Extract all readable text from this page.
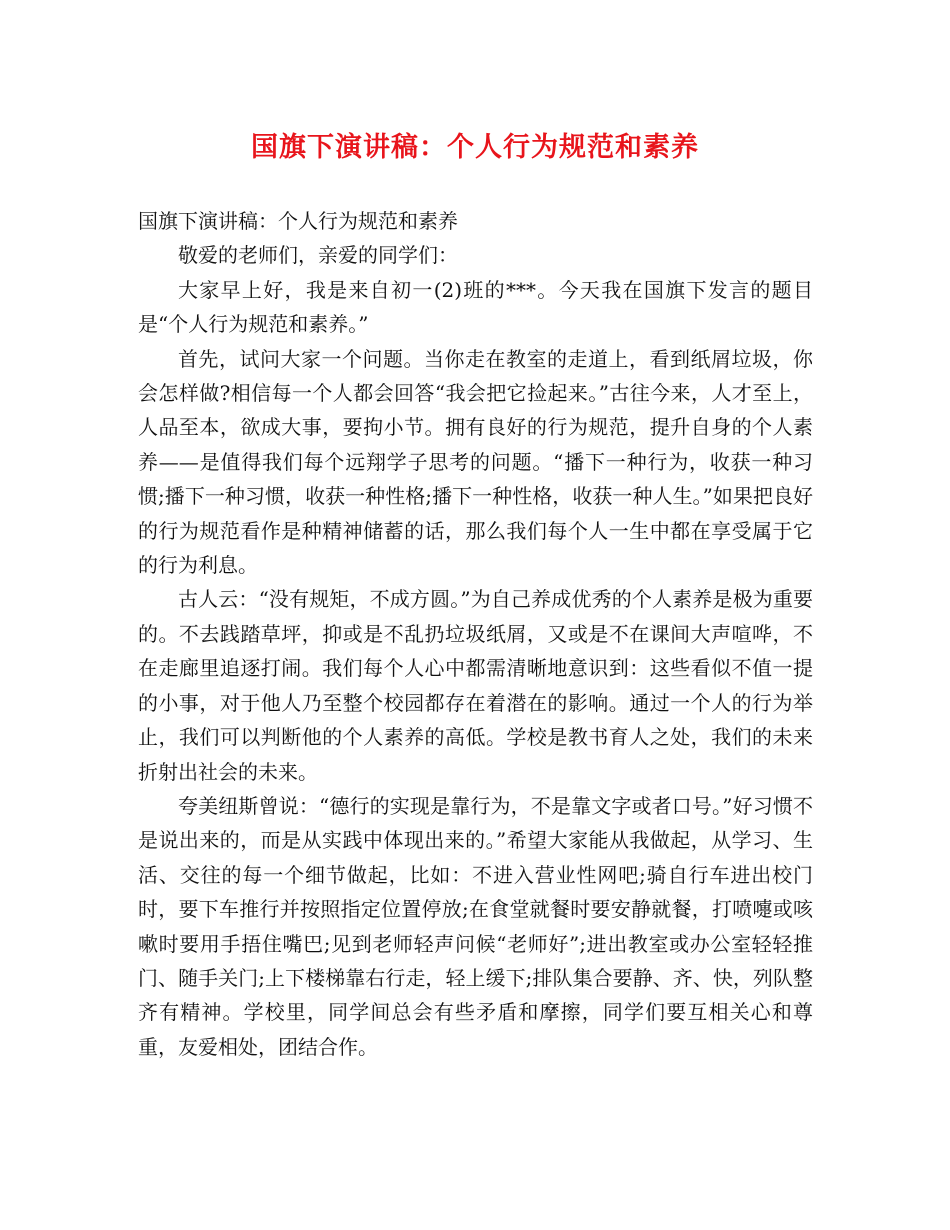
国旗下演讲稿：个人行为规范和素养

国旗下演讲稿：个人行为规范和素养

敬爱的老师们，亲爱的同学们：

大家早上好，我是来自初一(2)班的***。今天我在国旗下发言的题目是“个人行为规范和素养。”

首先，试问大家一个问题。当你走在教室的走道上，看到纸屑垃圾，你会怎样做?相信每一个人都会回答“我会把它捡起来。”古往今来，人才至上，人品至本，欲成大事，要拘小节。拥有良好的行为规范，提升自身的个人素养——是值得我们每个远翔学子思考的问题。“播下一种行为，收获一种习惯;播下一种习惯，收获一种性格;播下一种性格，收获一种人生。”如果把良好的行为规范看作是种精神储蓄的话，那么我们每个人一生中都在享受属于它的行为利息。

古人云：“没有规矩，不成方圆。”为自己养成优秀的个人素养是极为重要的。不去践踏草坪，抑或是不乱扔垃圾纸屑，又或是不在课间大声喧哗，不在走廊里追逐打闹。我们每个人心中都需清晰地意识到：这些看似不值一提的小事，对于他人乃至整个校园都存在着潜在的影响。通过一个人的行为举止，我们可以判断他的个人素养的高低。学校是教书育人之处，我们的未来折射出社会的未来。

夸美纽斯曾说：“德行的实现是靠行为，不是靠文字或者口号。”好习惯不是说出来的，而是从实践中体现出来的。”希望大家能从我做起，从学习、生活、交往的每一个细节做起，比如：不进入营业性网吧;骑自行车进出校门时，要下车推行并按照指定位置停放;在食堂就餐时要安静就餐，打喷嚏或咳嗽时要用手捂住嘴巴;见到老师轻声问候“老师好”;进出教室或办公室轻轻推门、随手关门;上下楼梯靠右行走，轻上缓下;排队集合要静、齐、快，列队整齐有精神。学校里，同学间总会有些矛盾和摩擦，同学们要互相关心和尊重，友爱相处，团结合作。
